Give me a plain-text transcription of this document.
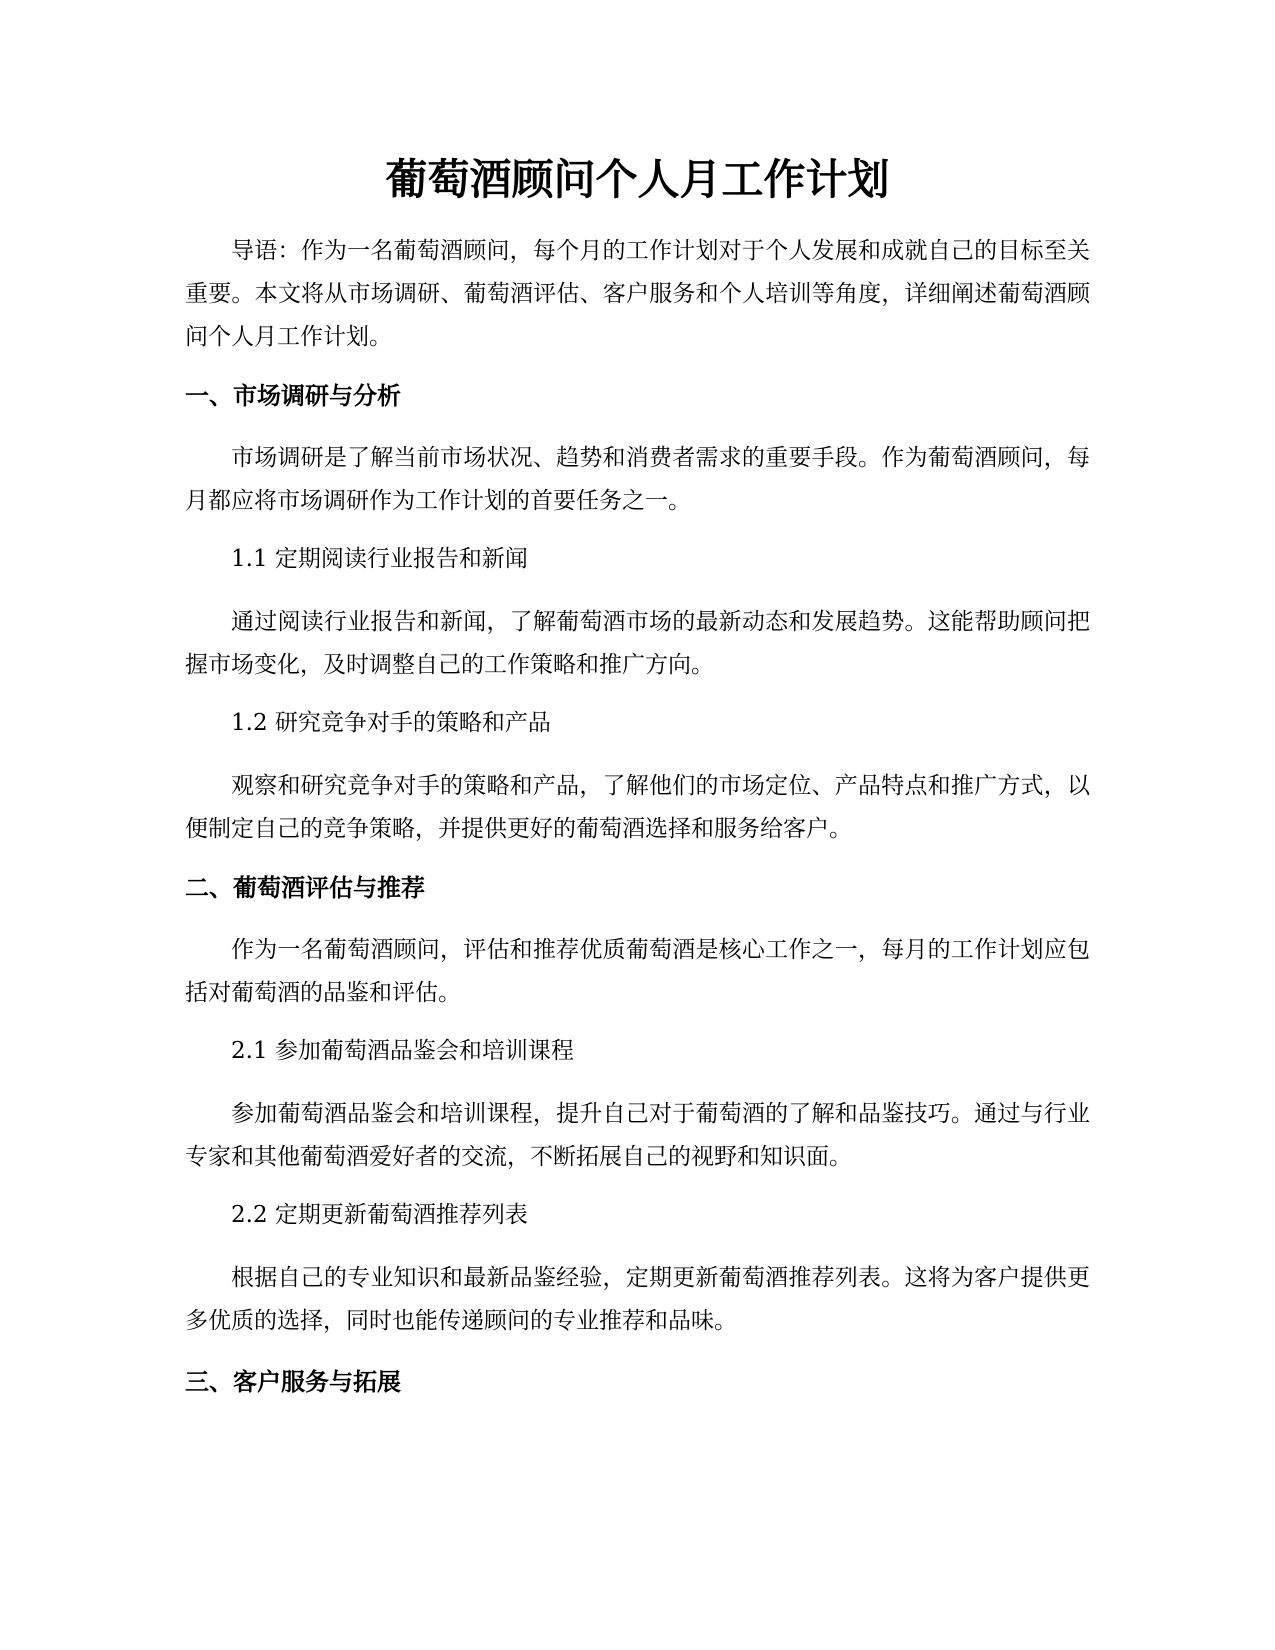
葡萄酒顾问个人月工作计划

导语：作为一名葡萄酒顾问，每个月的工作计划对于个人发展和成就自己的目标至关重要。本文将从市场调研、葡萄酒评估、客户服务和个人培训等角度，详细阐述葡萄酒顾问个人月工作计划。

一、市场调研与分析

市场调研是了解当前市场状况、趋势和消费者需求的重要手段。作为葡萄酒顾问，每月都应将市场调研作为工作计划的首要任务之一。

1.1 定期阅读行业报告和新闻

通过阅读行业报告和新闻，了解葡萄酒市场的最新动态和发展趋势。这能帮助顾问把握市场变化，及时调整自己的工作策略和推广方向。

1.2 研究竞争对手的策略和产品

观察和研究竞争对手的策略和产品，了解他们的市场定位、产品特点和推广方式，以便制定自己的竞争策略，并提供更好的葡萄酒选择和服务给客户。

二、葡萄酒评估与推荐

作为一名葡萄酒顾问，评估和推荐优质葡萄酒是核心工作之一，每月的工作计划应包括对葡萄酒的品鉴和评估。

2.1 参加葡萄酒品鉴会和培训课程

参加葡萄酒品鉴会和培训课程，提升自己对于葡萄酒的了解和品鉴技巧。通过与行业专家和其他葡萄酒爱好者的交流，不断拓展自己的视野和知识面。

2.2 定期更新葡萄酒推荐列表

根据自己的专业知识和最新品鉴经验，定期更新葡萄酒推荐列表。这将为客户提供更多优质的选择，同时也能传递顾问的专业推荐和品味。

三、客户服务与拓展
